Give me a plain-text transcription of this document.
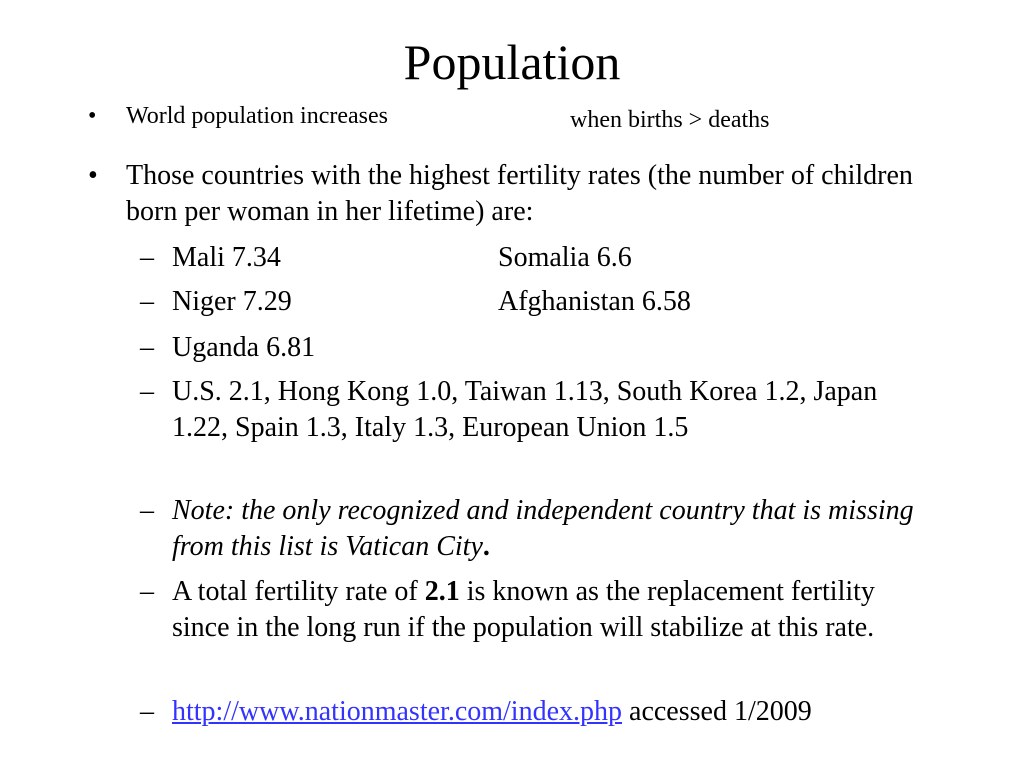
Population
• World population increases	when births > deaths
• Those countries with the highest fertility rates (the number of children born per woman in her lifetime) are:
– Mali 7.34	Somalia 6.6
– Niger 7.29	Afghanistan 6.58
– Uganda 6.81
– U.S. 2.1, Hong Kong 1.0, Taiwan 1.13, South Korea 1.2, Japan 1.22, Spain 1.3, Italy 1.3, European Union 1.5
– Note: the only recognized and independent country that is missing from this list is Vatican City.
– A total fertility rate of 2.1 is known as the replacement fertility since in the long run if the population will stabilize at this rate.
– http://www.nationmaster.com/index.php accessed 1/2009
